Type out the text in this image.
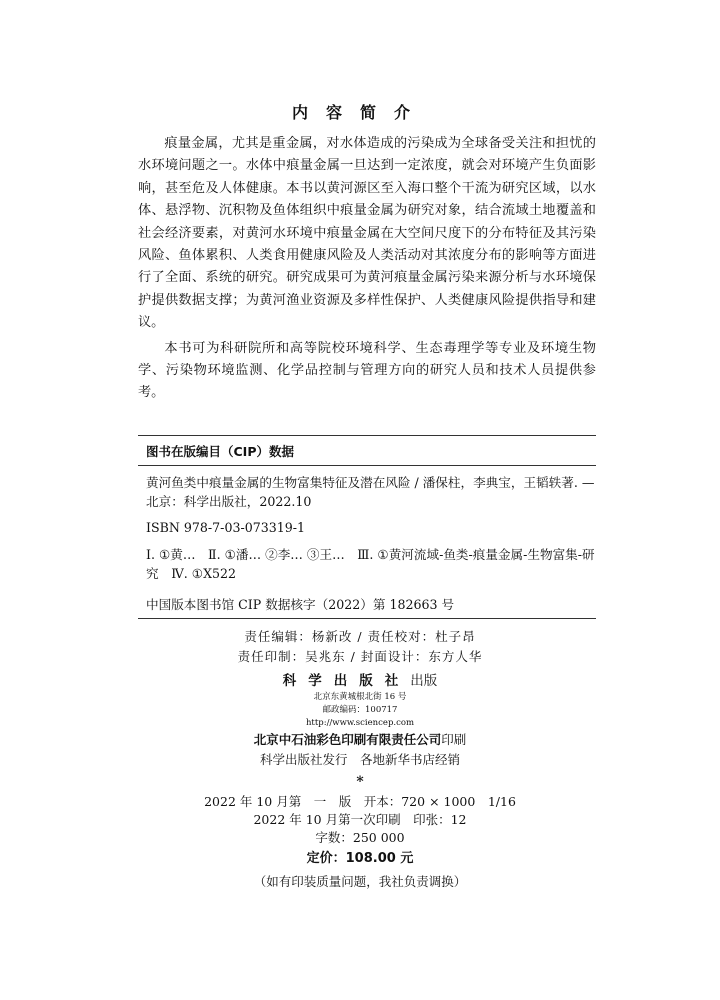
内容简介

痕量金属，尤其是重金属，对水体造成的污染成为全球备受关注和担忧的水环境问题之一。水体中痕量金属一旦达到一定浓度，就会对环境产生负面影响，甚至危及人体健康。本书以黄河源区至入海口整个干流为研究区域，以水体、悬浮物、沉积物及鱼体组织中痕量金属为研究对象，结合流域土地覆盖和社会经济要素，对黄河水环境中痕量金属在大空间尺度下的分布特征及其污染风险、鱼体累积、人类食用健康风险及人类活动对其浓度分布的影响等方面进行了全面、系统的研究。研究成果可为黄河痕量金属污染来源分析与水环境保护提供数据支撑；为黄河渔业资源及多样性保护、人类健康风险提供指导和建议。

本书可为科研院所和高等院校环境科学、生态毒理学等专业及环境生物学、污染物环境监测、化学品控制与管理方向的研究人员和技术人员提供参考。

图书在版编目（CIP）数据

黄河鱼类中痕量金属的生物富集特征及潜在风险 / 潘保柱，李典宝，王韬轶著. —北京：科学出版社，2022.10

ISBN 978-7-03-073319-1

Ⅰ. ①黄…　Ⅱ. ①潘… ②李… ③王…　Ⅲ. ①黄河流域-鱼类-痕量金属-生物富集-研究　Ⅳ. ①X522

中国版本图书馆 CIP 数据核字（2022）第 182663 号

责任编辑：杨新改 / 责任校对：杜子昂
责任印制：吴兆东 / 封面设计：东方人华
科学出版社出版
北京东黄城根北街 16 号
邮政编码：100717
http://www.sciencep.com
北京中石油彩色印刷有限责任公司印刷
科学出版社发行　各地新华书店经销
*
2022 年 10 月第　一　版　开本：720 × 1000　1/16
2022 年 10 月第一次印刷　印张：12
字数：250 000
定价：108.00 元
（如有印装质量问题，我社负责调换）
